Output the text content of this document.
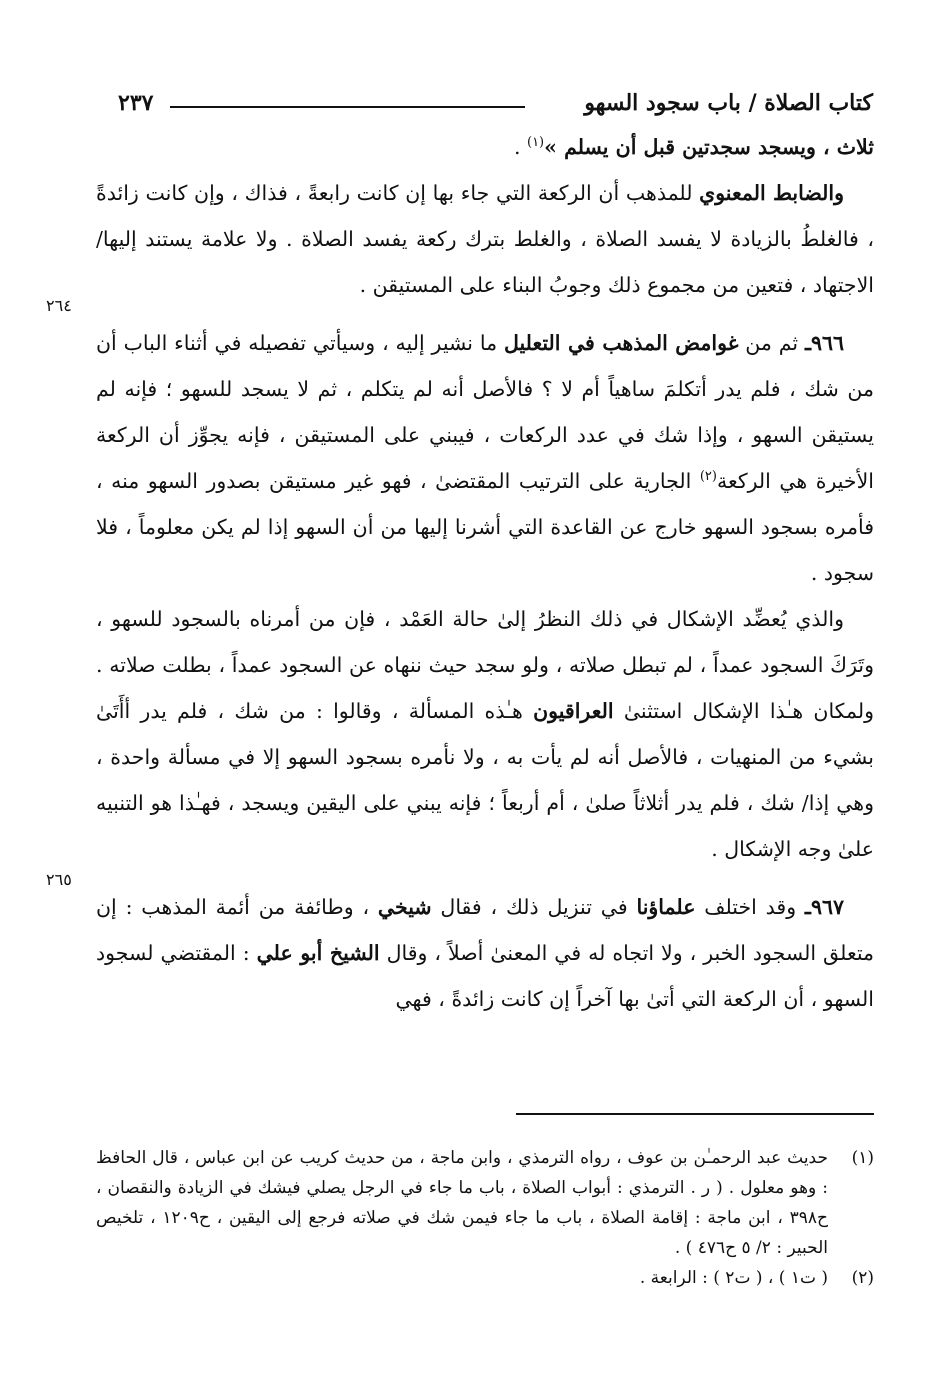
٢٣٧	كتاب الصلاة / باب سجود السهو

ثلاث ، ويسجد سجدتين قبل أن يسلم »$^{(١)}$ .

والضابط المعنوي للمذهب أن الركعة التي جاء بها إن كانت رابعةً ، فذاك ، وإن كانت زائدةً ، فالغلطُ بالزيادة لا يفسد الصلاة ، والغلط بترك ركعة يفسد الصلاة . ولا علامة يستند إليها/ الاجتهاد ، فتعين من مجموع ذلك وجوبُ البناء على المستيقن .

٩٦٦ـ ثم من غوامض المذهب في التعليل ما نشير إليه ، وسيأتي تفصيله في أثناء الباب أن من شك ، فلم يدر أتكلمَ ساهياً أم لا ؟ فالأصل أنه لم يتكلم ، ثم لا يسجد للسهو ؛ فإنه لم يستيقن السهو ، وإذا شك في عدد الركعات ، فيبني على المستيقن ، فإنه يجوِّز أن الركعة الأخيرة هي الركعة$^{(٢)}$ الجارية على الترتيب المقتضىٰ ، فهو غير مستيقن بصدور السهو منه ، فأمره بسجود السهو خارج عن القاعدة التي أشرنا إليها من أن السهو إذا لم يكن معلوماً ، فلا سجود .

والذي يُعضِّد الإشكال في ذلك النظرُ إلىٰ حالة العَمْد ، فإن من أمرناه بالسجود للسهو ، وتَرَكَ السجود عمداً ، لم تبطل صلاته ، ولو سجد حيث ننهاه عن السجود عمداً ، بطلت صلاته . ولمكان هـٰذا الإشكال استثنىٰ العراقيون هـٰذه المسألة ، وقالوا : من شك ، فلم يدر أأَتَىٰ بشيء من المنهيات ، فالأصل أنه لم يأت به ، ولا نأمره بسجود السهو إلا في مسألة واحدة ، وهي إذا/ شك ، فلم يدر أثلاثاً صلىٰ ، أم أربعاً ؛ فإنه يبني على اليقين ويسجد ، فهـٰذا هو التنبيه علىٰ وجه الإشكال .

٩٦٧ـ وقد اختلف علماؤنا في تنزيل ذلك ، فقال شيخي ، وطائفة من أئمة المذهب : إن متعلق السجود الخبر ، ولا اتجاه له في المعنىٰ أصلاً ، وقال الشيخ أبو علي : المقتضي لسجود السهو ، أن الركعة التي أتىٰ بها آخراً إن كانت زائدةً ، فهي

٢٦٤
٢٦٥
(١)
حديث عبد الرحمـٰن بن عوف ، رواه الترمذي ، وابن ماجة ، من حديث كريب عن ابن عباس ، قال الحافظ : وهو معلول . ( ر . الترمذي : أبواب الصلاة ، باب ما جاء في الرجل يصلي فيشك في الزيادة والنقصان ، ح٣٩٨ ، ابن ماجة : إقامة الصلاة ، باب ما جاء فيمن شك في صلاته فرجع إلى اليقين ، ح١٢٠٩ ، تلخيص الحبير : ٢/ ٥ ح٤٧٦ ) .
(٢)
( ت١ ) ، ( ت٢ ) : الرابعة .
